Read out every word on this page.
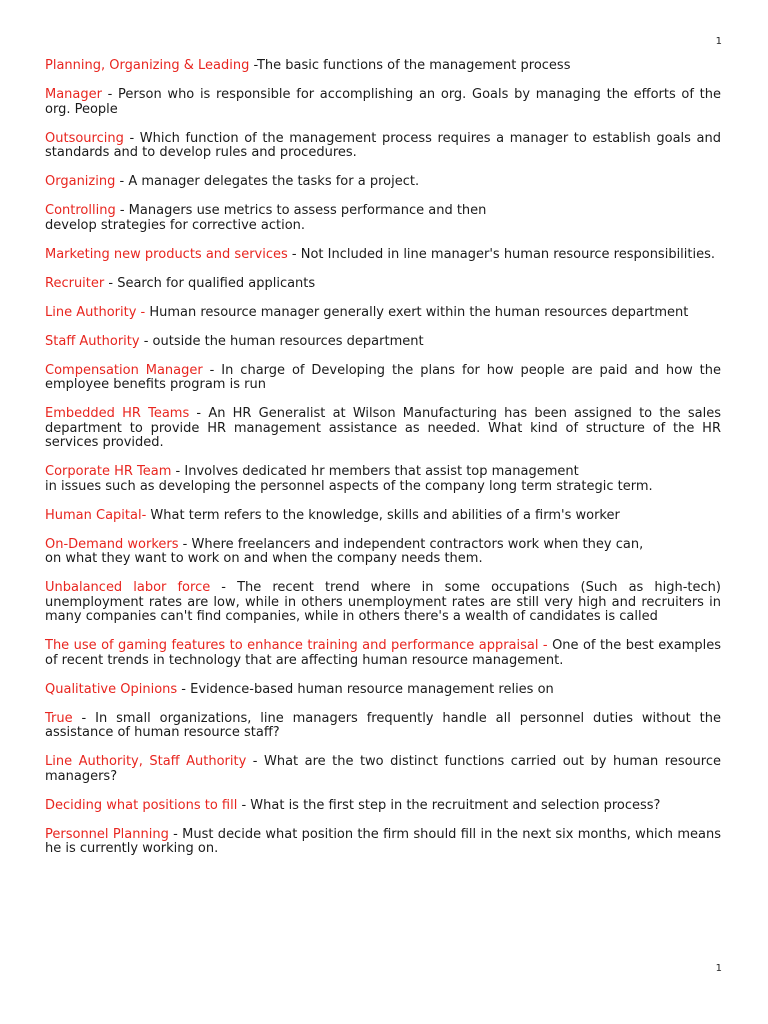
1

Planning, Organizing & Leading -The basic functions of the management process

Manager - Person who is responsible for accomplishing an org. Goals by managing the efforts of the org. People

Outsourcing - Which function of the management process requires a manager to establish goals and standards and to develop rules and procedures.

Organizing - A manager delegates the tasks for a project.

Controlling - Managers use metrics to assess performance and then
develop strategies for corrective action.

Marketing new products and services - Not Included in line manager's human resource responsibilities.

Recruiter - Search for qualified applicants

Line Authority - Human resource manager generally exert within the human resources department

Staff Authority - outside the human resources department

Compensation Manager - In charge of Developing the plans for how people are paid and how the employee benefits program is run

Embedded HR Teams - An HR Generalist at Wilson Manufacturing has been assigned to the sales department to provide HR management assistance as needed. What kind of structure of the HR services provided.

Corporate HR Team - Involves dedicated hr members that assist top management
in issues such as developing the personnel aspects of the company long term strategic term.

Human Capital- What term refers to the knowledge, skills and abilities of a firm's worker

On-Demand workers - Where freelancers and independent contractors work when they can,
on what they want to work on and when the company needs them.

Unbalanced labor force - The recent trend where in some occupations (Such as high-tech) unemployment rates are low, while in others unemployment rates are still very high and recruiters in many companies can't find companies, while in others there's a wealth of candidates is called

The use of gaming features to enhance training and performance appraisal - One of the best examples of recent trends in technology that are affecting human resource management.

Qualitative Opinions - Evidence-based human resource management relies on

True - In small organizations, line managers frequently handle all personnel duties without the assistance of human resource staff?

Line Authority, Staff Authority - What are the two distinct functions carried out by human resource managers?

Deciding what positions to fill - What is the first step in the recruitment and selection process?

Personnel Planning - Must decide what position the firm should fill in the next six months, which means he is currently working on.

1
